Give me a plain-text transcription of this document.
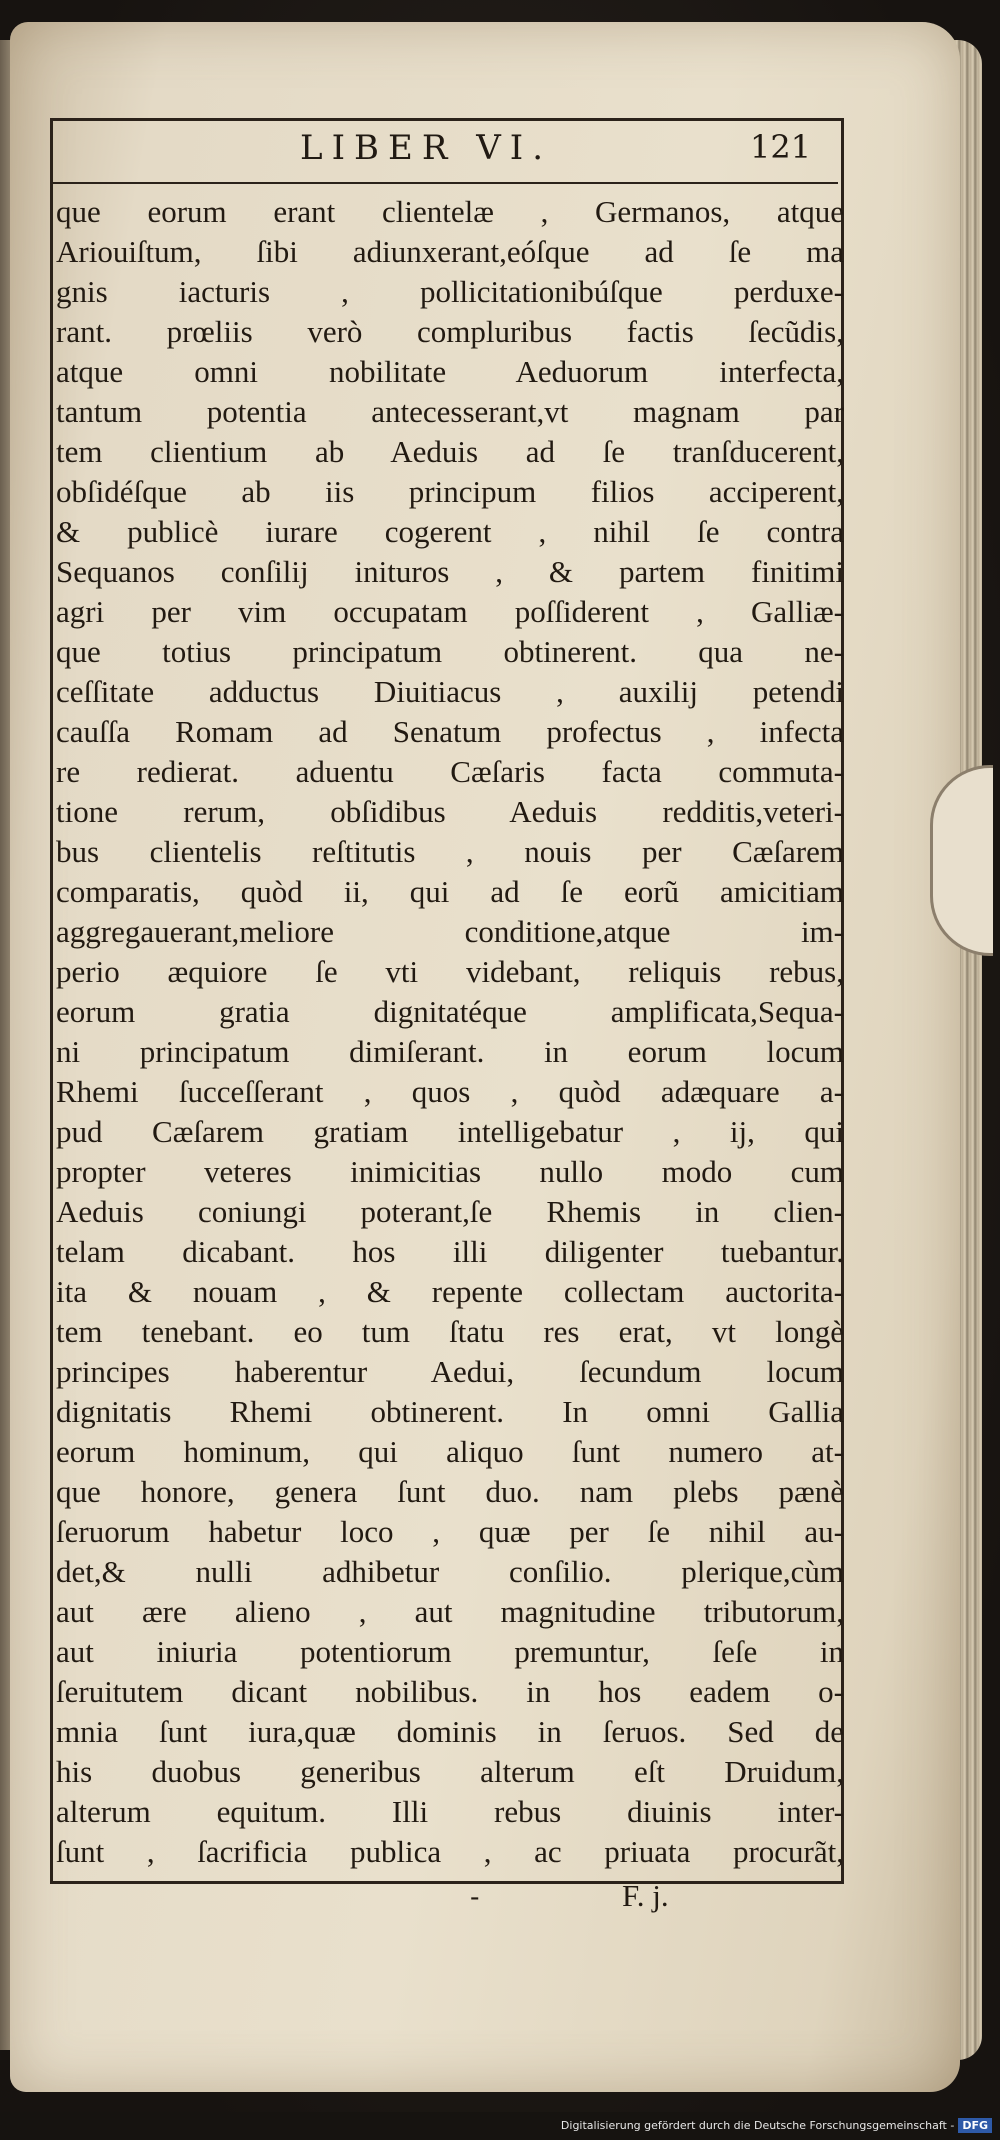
LIBER VI.	121
que eorum erant clientelæ , Germanos, atque
Ariouiſtum, ſibi adiunxerant,eóſque ad ſe ma
gnis iacturis , pollicitationibúſque perduxe-
rant. prœliis verò compluribus factis ſecũdis,
atque omni nobilitate Aeduorum interfecta,
tantum potentia antecesserant,vt magnam par
tem clientium ab Aeduis ad ſe tranſducerent,
obſidéſque ab iis principum filios acciperent,
& publicè iurare cogerent , nihil ſe contra
Sequanos conſilij inituros , & partem finitimi
agri per vim occupatam poſſiderent , Galliæ-
que totius principatum obtinerent. qua ne-
ceſſitate adductus Diuitiacus , auxilij petendi
cauſſa Romam ad Senatum profectus , infecta
re redierat. aduentu Cæſaris facta commuta-
tione rerum, obſidibus Aeduis redditis,veteri-
bus clientelis reſtitutis , nouis per Cæſarem
comparatis, quòd ii, qui ad ſe eorũ amicitiam
aggregauerant,meliore conditione,atque im-
perio æquiore ſe vti videbant, reliquis rebus,
eorum gratia dignitatéque amplificata,Sequa-
ni principatum dimiſerant. in eorum locum
Rhemi ſucceſſerant , quos , quòd adæquare a-
pud Cæſarem gratiam intelligebatur , ij, qui
propter veteres inimicitias nullo modo cum
Aeduis coniungi poterant,ſe Rhemis in clien-
telam dicabant. hos illi diligenter tuebantur.
ita & nouam , & repente collectam auctorita-
tem tenebant. eo tum ſtatu res erat, vt longè
principes haberentur Aedui, ſecundum locum
dignitatis Rhemi obtinerent. In omni Gallia
eorum hominum, qui aliquo ſunt numero at-
que honore, genera ſunt duo. nam plebs pænè
ſeruorum habetur loco , quæ per ſe nihil au-
det,& nulli adhibetur conſilio. plerique,cùm
aut ære alieno , aut magnitudine tributorum,
aut iniuria potentiorum premuntur, ſeſe in
ſeruitutem dicant nobilibus. in hos eadem o-
mnia ſunt iura,quæ dominis in ſeruos. Sed de
his duobus generibus alterum eſt Druidum,
alterum equitum. Illi rebus diuinis inter-
ſunt , ſacrificia publica , ac priuata procurãt,
-	F. j.
Digitalisierung gefördert durch die Deutsche Forschungsgemeinschaft - DFG
